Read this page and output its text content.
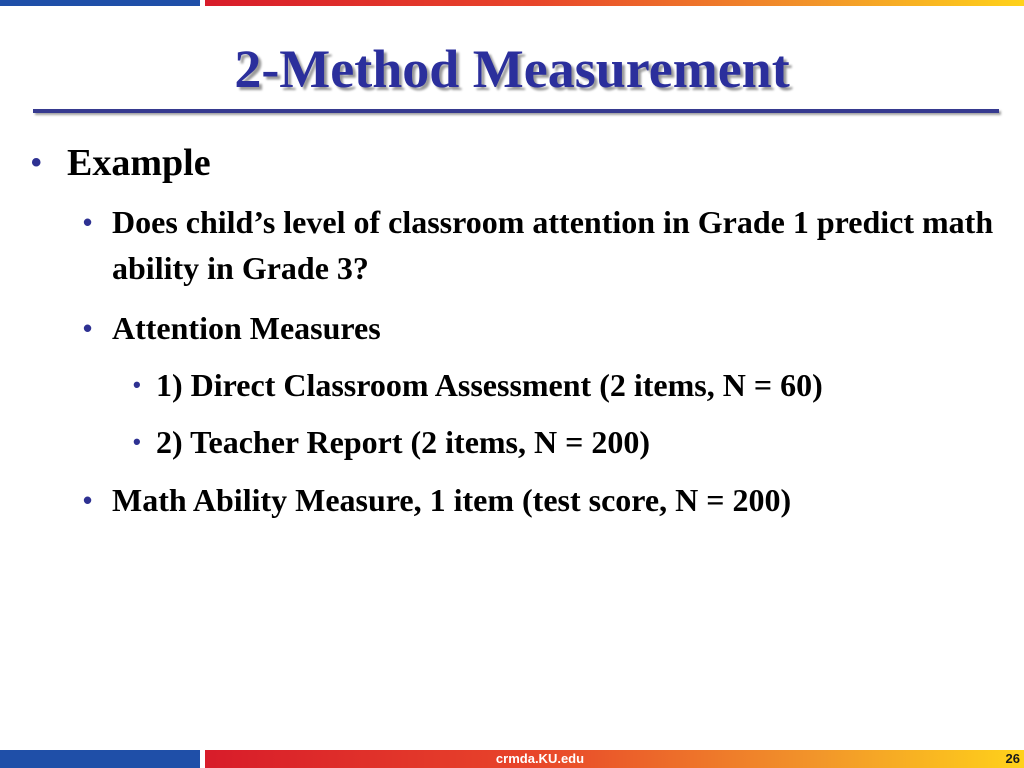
2-Method Measurement
• Example
• Does child’s level of classroom attention in Grade 1 predict math ability in Grade 3?
• Attention Measures
• 1) Direct Classroom Assessment (2 items, N = 60)
• 2) Teacher Report (2 items, N = 200)
• Math Ability Measure, 1 item (test score, N = 200)
crmda.KU.edu	26
